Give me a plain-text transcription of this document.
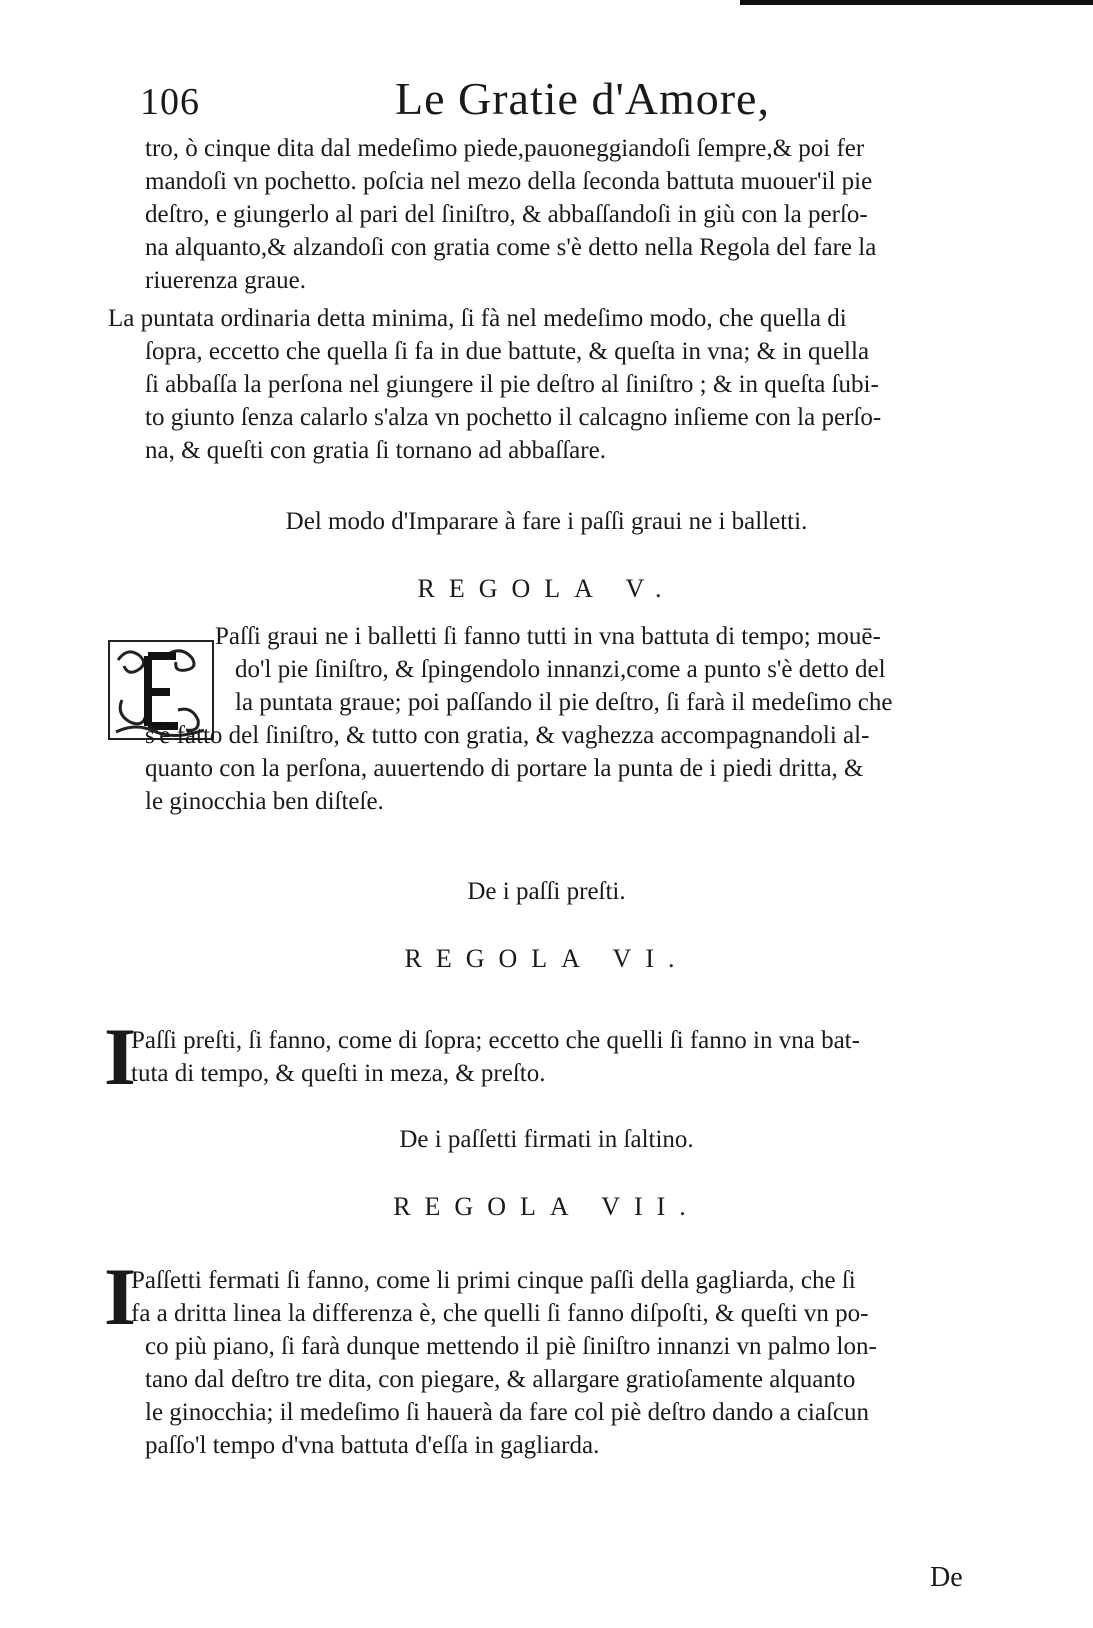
106	Le Gratie d'Amore,

tro, ò cinque dita dal medeſimo piede,pauoneggiandoſi ſempre,& poi fer
mandoſi vn pochetto. poſcia nel mezo della ſeconda battuta muouer'il pie
deſtro, e giungerlo al pari del ſiniſtro, & abbaſſandoſi in giù con la perſo-
na alquanto,& alzandoſi con gratia come s'è detto nella Regola del fare la
riuerenza graue.

La puntata ordinaria detta minima, ſi fà nel medeſimo modo, che quella di
ſopra, eccetto che quella ſi fa in due battute, & queſta in vna; & in quella
ſi abbaſſa la perſona nel giungere il pie deſtro al ſiniſtro ; & in queſta ſubi-
to giunto ſenza calarlo s'alza vn pochetto il calcagno inſieme con la perſo-
na, & queſti con gratia ſi tornano ad abbaſſare.

Del modo d'Imparare à fare i paſſi graui ne i balletti.
REGOLA V.

Paſſi graui ne i balletti ſi fanno tutti in vna battuta di tempo; mouē-
do'l pie ſiniſtro, & ſpingendolo innanzi,come a punto s'è detto del
la puntata graue; poi paſſando il pie deſtro, ſi farà il medeſimo che

s'è fatto del ſiniſtro, & tutto con gratia, & vaghezza accompagnandoli al-
quanto con la perſona, auuertendo di portare la punta de i piedi dritta, &
le ginocchia ben diſteſe.

De i paſſi preſti.
REGOLA VI.
I

Paſſi preſti, ſi fanno, come di ſopra; eccetto che quelli ſi fanno in vna bat-
tuta di tempo, & queſti in meza, & preſto.

De i paſſetti firmati in ſaltino.
REGOLA VII.
I

Paſſetti fermati ſi fanno, come li primi cinque paſſi della gagliarda, che ſi
fa a dritta linea la differenza è, che quelli ſi fanno diſpoſti, & queſti vn po-

co più piano, ſi farà dunque mettendo il piè ſiniſtro innanzi vn palmo lon-
tano dal deſtro tre dita, con piegare, & allargare gratioſamente alquanto
le ginocchia; il medeſimo ſi hauerà da fare col piè deſtro dando a ciaſcun
paſſo'l tempo d'vna battuta d'eſſa in gagliarda.

De
